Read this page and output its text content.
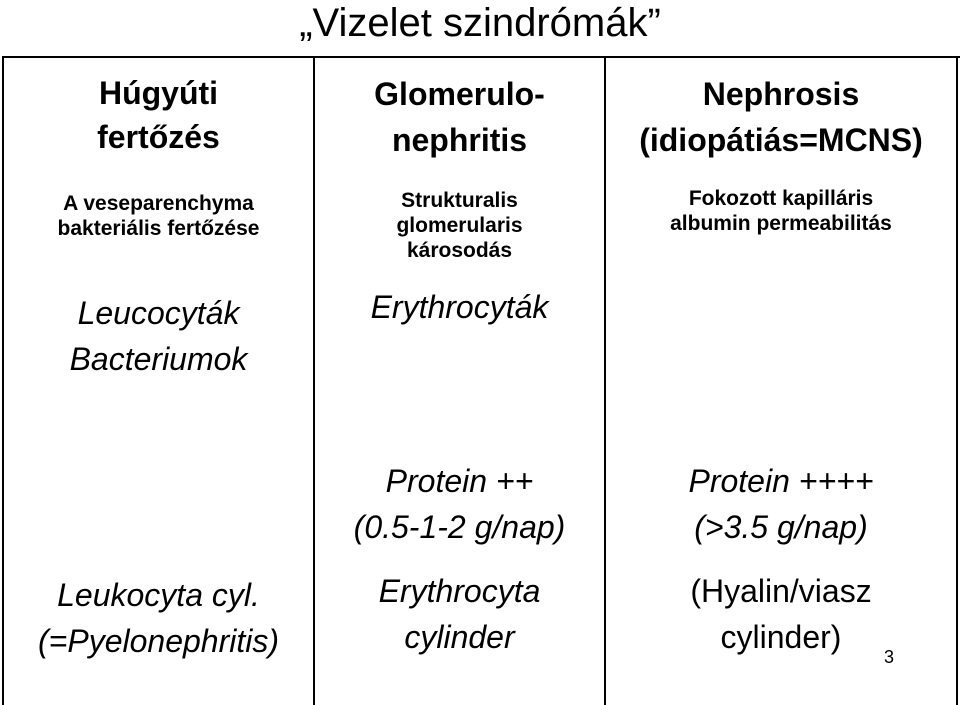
„Vizelet szindrómák”
Húgyúti
fertőzés
A veseparenchyma
bakteriális fertőzése
Leucocyták
Bacteriumok
Leukocyta cyl.
(=Pyelonephritis)
Glomerulo-
nephritis
Strukturalis
glomerularis
károsodás
Erythrocyták
Protein ++
(0.5-1-2 g/nap)
Erythrocyta
cylinder
Nephrosis
(idiopátiás=MCNS)
Fokozott kapilláris
albumin permeabilitás
Protein ++++
(>3.5 g/nap)
(Hyalin/viasz
cylinder)
3
